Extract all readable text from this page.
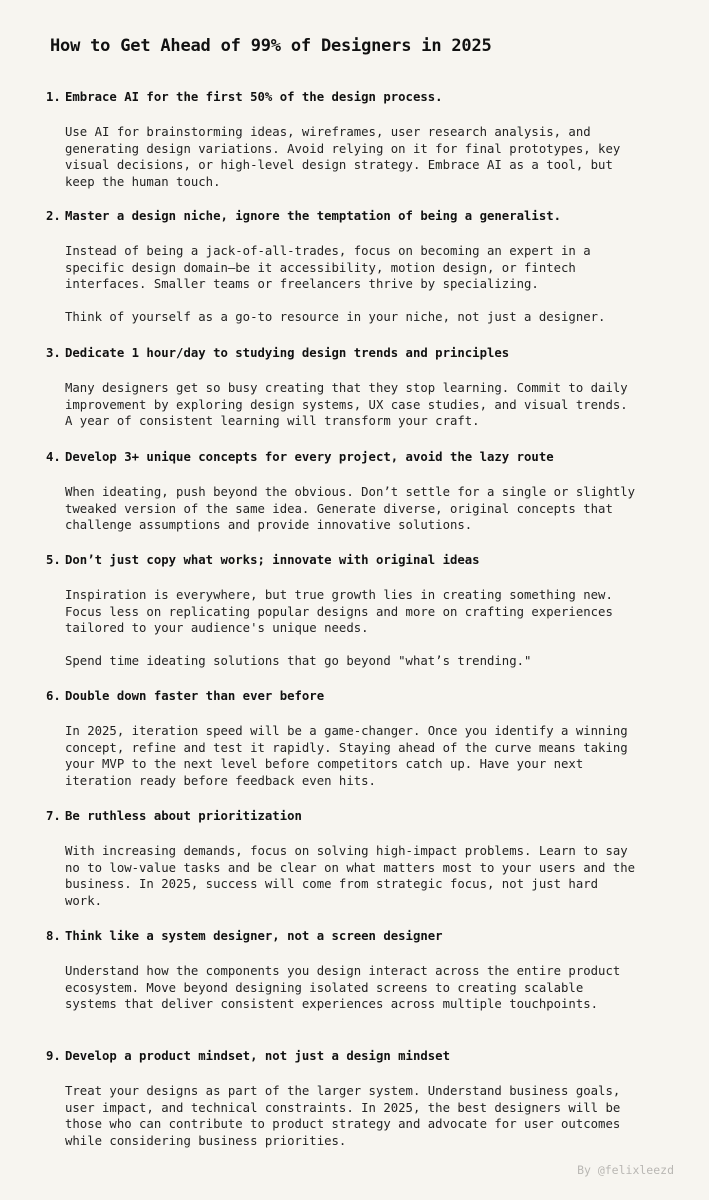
How to Get Ahead of 99% of Designers in 2025
1. Embrace AI for the first 50% of the design process.
Use AI for brainstorming ideas, wireframes, user research analysis, and generating design variations. Avoid relying on it for final prototypes, key visual decisions, or high-level design strategy. Embrace AI as a tool, but keep the human touch.
2. Master a design niche, ignore the temptation of being a generalist.
Instead of being a jack-of-all-trades, focus on becoming an expert in a specific design domain—be it accessibility, motion design, or fintech interfaces. Smaller teams or freelancers thrive by specializing.
Think of yourself as a go-to resource in your niche, not just a designer.
3. Dedicate 1 hour/day to studying design trends and principles
Many designers get so busy creating that they stop learning. Commit to daily improvement by exploring design systems, UX case studies, and visual trends. A year of consistent learning will transform your craft.
4. Develop 3+ unique concepts for every project, avoid the lazy route
When ideating, push beyond the obvious. Don’t settle for a single or slightly tweaked version of the same idea. Generate diverse, original concepts that challenge assumptions and provide innovative solutions.
5. Don’t just copy what works; innovate with original ideas
Inspiration is everywhere, but true growth lies in creating something new. Focus less on replicating popular designs and more on crafting experiences tailored to your audience's unique needs.
Spend time ideating solutions that go beyond "what’s trending."
6. Double down faster than ever before
In 2025, iteration speed will be a game-changer. Once you identify a winning concept, refine and test it rapidly. Staying ahead of the curve means taking your MVP to the next level before competitors catch up. Have your next iteration ready before feedback even hits.
7. Be ruthless about prioritization
With increasing demands, focus on solving high-impact problems. Learn to say no to low-value tasks and be clear on what matters most to your users and the business. In 2025, success will come from strategic focus, not just hard work.
8. Think like a system designer, not a screen designer
Understand how the components you design interact across the entire product ecosystem. Move beyond designing isolated screens to creating scalable systems that deliver consistent experiences across multiple touchpoints.
9. Develop a product mindset, not just a design mindset
Treat your designs as part of the larger system. Understand business goals, user impact, and technical constraints. In 2025, the best designers will be those who can contribute to product strategy and advocate for user outcomes while considering business priorities.
By @felixleezd
